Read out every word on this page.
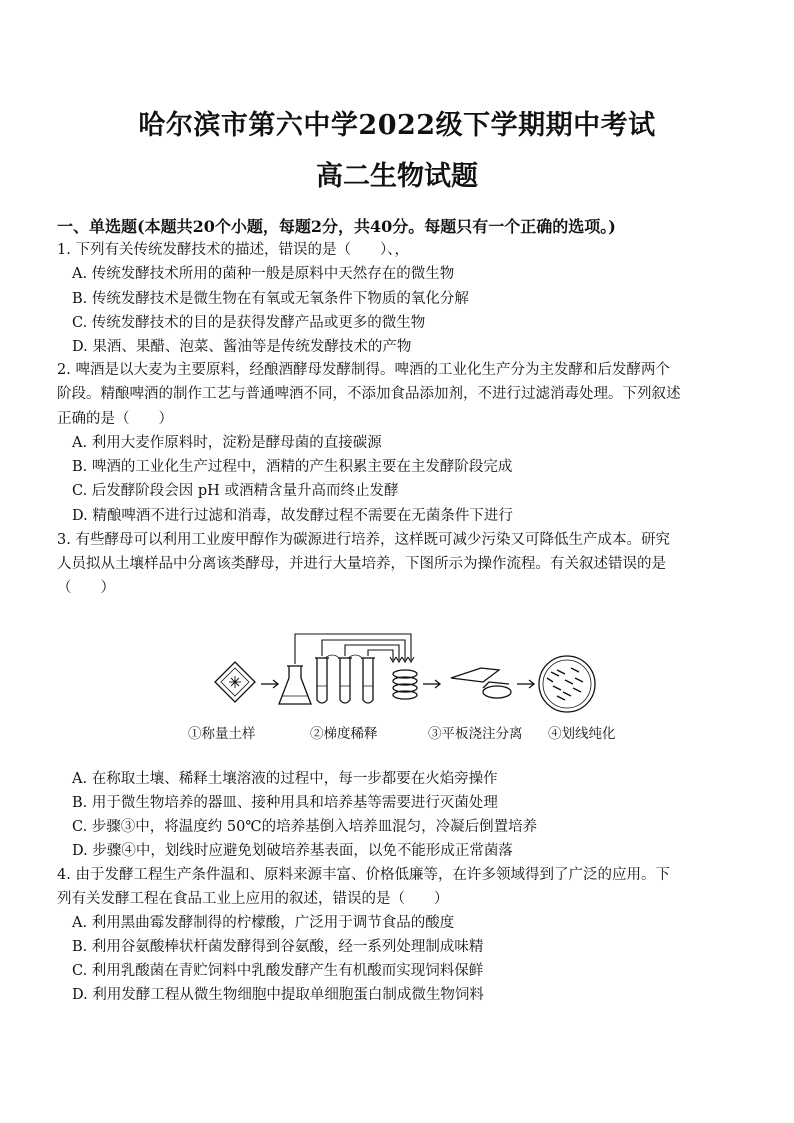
哈尔滨市第六中学2022级下学期期中考试
高二生物试题
一、单选题(本题共20个小题，每题2分，共40分。每题只有一个正确的选项。)
1. 下列有关传统发酵技术的描述，错误的是（　　）、，
A. 传统发酵技术所用的菌种一般是原料中天然存在的微生物
B. 传统发酵技术是微生物在有氧或无氧条件下物质的氧化分解
C. 传统发酵技术的目的是获得发酵产品或更多的微生物
D. 果酒、果醋、泡菜、酱油等是传统发酵技术的产物
2. 啤酒是以大麦为主要原料，经酿酒酵母发酵制得。啤酒的工业化生产分为主发酵和后发酵两个
阶段。精酿啤酒的制作工艺与普通啤酒不同，不添加食品添加剂，不进行过滤消毒处理。下列叙述
正确的是（　　）
A. 利用大麦作原料时，淀粉是酵母菌的直接碳源
B. 啤酒的工业化生产过程中，酒精的产生积累主要在主发酵阶段完成
C. 后发酵阶段会因 pH 或酒精含量升高而终止发酵
D. 精酿啤酒不进行过滤和消毒，故发酵过程不需要在无菌条件下进行
3. 有些酵母可以利用工业废甲醇作为碳源进行培养，这样既可减少污染又可降低生产成本。研究
人员拟从土壤样品中分离该类酵母，并进行大量培养，下图所示为操作流程。有关叙述错误的是
（　　）
①称量土样	②梯度稀释	③平板浇注分离 ④划线纯化
A. 在称取土壤、稀释土壤溶液的过程中，每一步都要在火焰旁操作
B. 用于微生物培养的器皿、接种用具和培养基等需要进行灭菌处理
C. 步骤③中，将温度约 50℃的培养基倒入培养皿混匀，冷凝后倒置培养
D. 步骤④中，划线时应避免划破培养基表面，以免不能形成正常菌落
4. 由于发酵工程生产条件温和、原料来源丰富、价格低廉等，在许多领域得到了广泛的应用。下
列有关发酵工程在食品工业上应用的叙述，错误的是（　　）
A. 利用黑曲霉发酵制得的柠檬酸，广泛用于调节食品的酸度
B. 利用谷氨酸棒状杆菌发酵得到谷氨酸，经一系列处理制成味精
C. 利用乳酸菌在青贮饲料中乳酸发酵产生有机酸而实现饲料保鲜
D. 利用发酵工程从微生物细胞中提取单细胞蛋白制成微生物饲料
